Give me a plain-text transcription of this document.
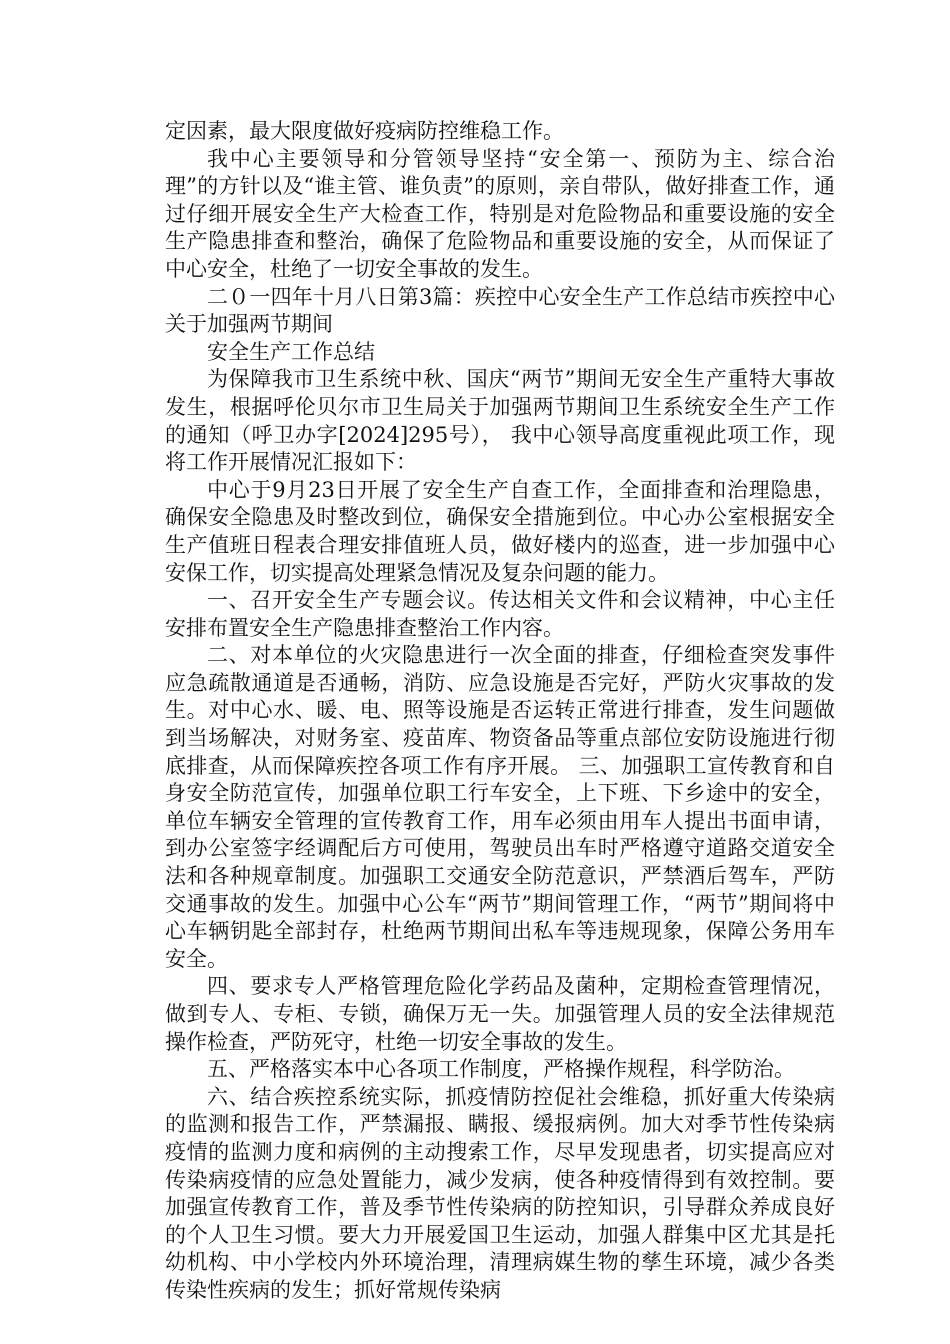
定因素，最大限度做好疫病防控维稳工作。

我中心主要领导和分管领导坚持“安全第一、预防为主、综合治理”的方针以及“谁主管、谁负责”的原则，亲自带队，做好排查工作，通过仔细开展安全生产大检查工作，特别是对危险物品和重要设施的安全生产隐患排查和整治，确保了危险物品和重要设施的安全，从而保证了中心安全，杜绝了一切安全事故的发生。

二０一四年十月八日第3篇：疾控中心安全生产工作总结市疾控中心关于加强两节期间

安全生产工作总结

为保障我市卫生系统中秋、国庆“两节”期间无安全生产重特大事故发生，根据呼伦贝尔市卫生局关于加强两节期间卫生系统安全生产工作的通知（呼卫办字[2024]295号）， 我中心领导高度重视此项工作，现将工作开展情况汇报如下：

中心于9月23日开展了安全生产自查工作，全面排查和治理隐患，确保安全隐患及时整改到位，确保安全措施到位。中心办公室根据安全生产值班日程表合理安排值班人员，做好楼内的巡查，进一步加强中心安保工作，切实提高处理紧急情况及复杂问题的能力。

一、召开安全生产专题会议。传达相关文件和会议精神，中心主任安排布置安全生产隐患排查整治工作内容。

二、对本单位的火灾隐患进行一次全面的排查，仔细检查突发事件应急疏散通道是否通畅，消防、应急设施是否完好，严防火灾事故的发生。对中心水、暖、电、照等设施是否运转正常进行排查，发生问题做到当场解决，对财务室、疫苗库、物资备品等重点部位安防设施进行彻底排查，从而保障疾控各项工作有序开展。 三、加强职工宣传教育和自身安全防范宣传，加强单位职工行车安全，上下班、下乡途中的安全，单位车辆安全管理的宣传教育工作，用车必须由用车人提出书面申请，到办公室签字经调配后方可使用，驾驶员出车时严格遵守道路交道安全法和各种规章制度。加强职工交通安全防范意识，严禁酒后驾车，严防交通事故的发生。加强中心公车“两节”期间管理工作，“两节”期间将中心车辆钥匙全部封存，杜绝两节期间出私车等违规现象，保障公务用车安全。

四、要求专人严格管理危险化学药品及菌种，定期检查管理情况，做到专人、专柜、专锁，确保万无一失。加强管理人员的安全法律规范操作检查，严防死守，杜绝一切安全事故的发生。

五、严格落实本中心各项工作制度，严格操作规程，科学防治。

六、结合疾控系统实际，抓疫情防控促社会维稳，抓好重大传染病的监测和报告工作，严禁漏报、瞒报、缓报病例。加大对季节性传染病疫情的监测力度和病例的主动搜索工作，尽早发现患者，切实提高应对传染病疫情的应急处置能力，减少发病，使各种疫情得到有效控制。要加强宣传教育工作，普及季节性传染病的防控知识，引导群众养成良好的个人卫生习惯。要大力开展爱国卫生运动，加强人群集中区尤其是托幼机构、中小学校内外环境治理，清理病媒生物的孳生环境，减少各类传染性疾病的发生；抓好常规传染病
